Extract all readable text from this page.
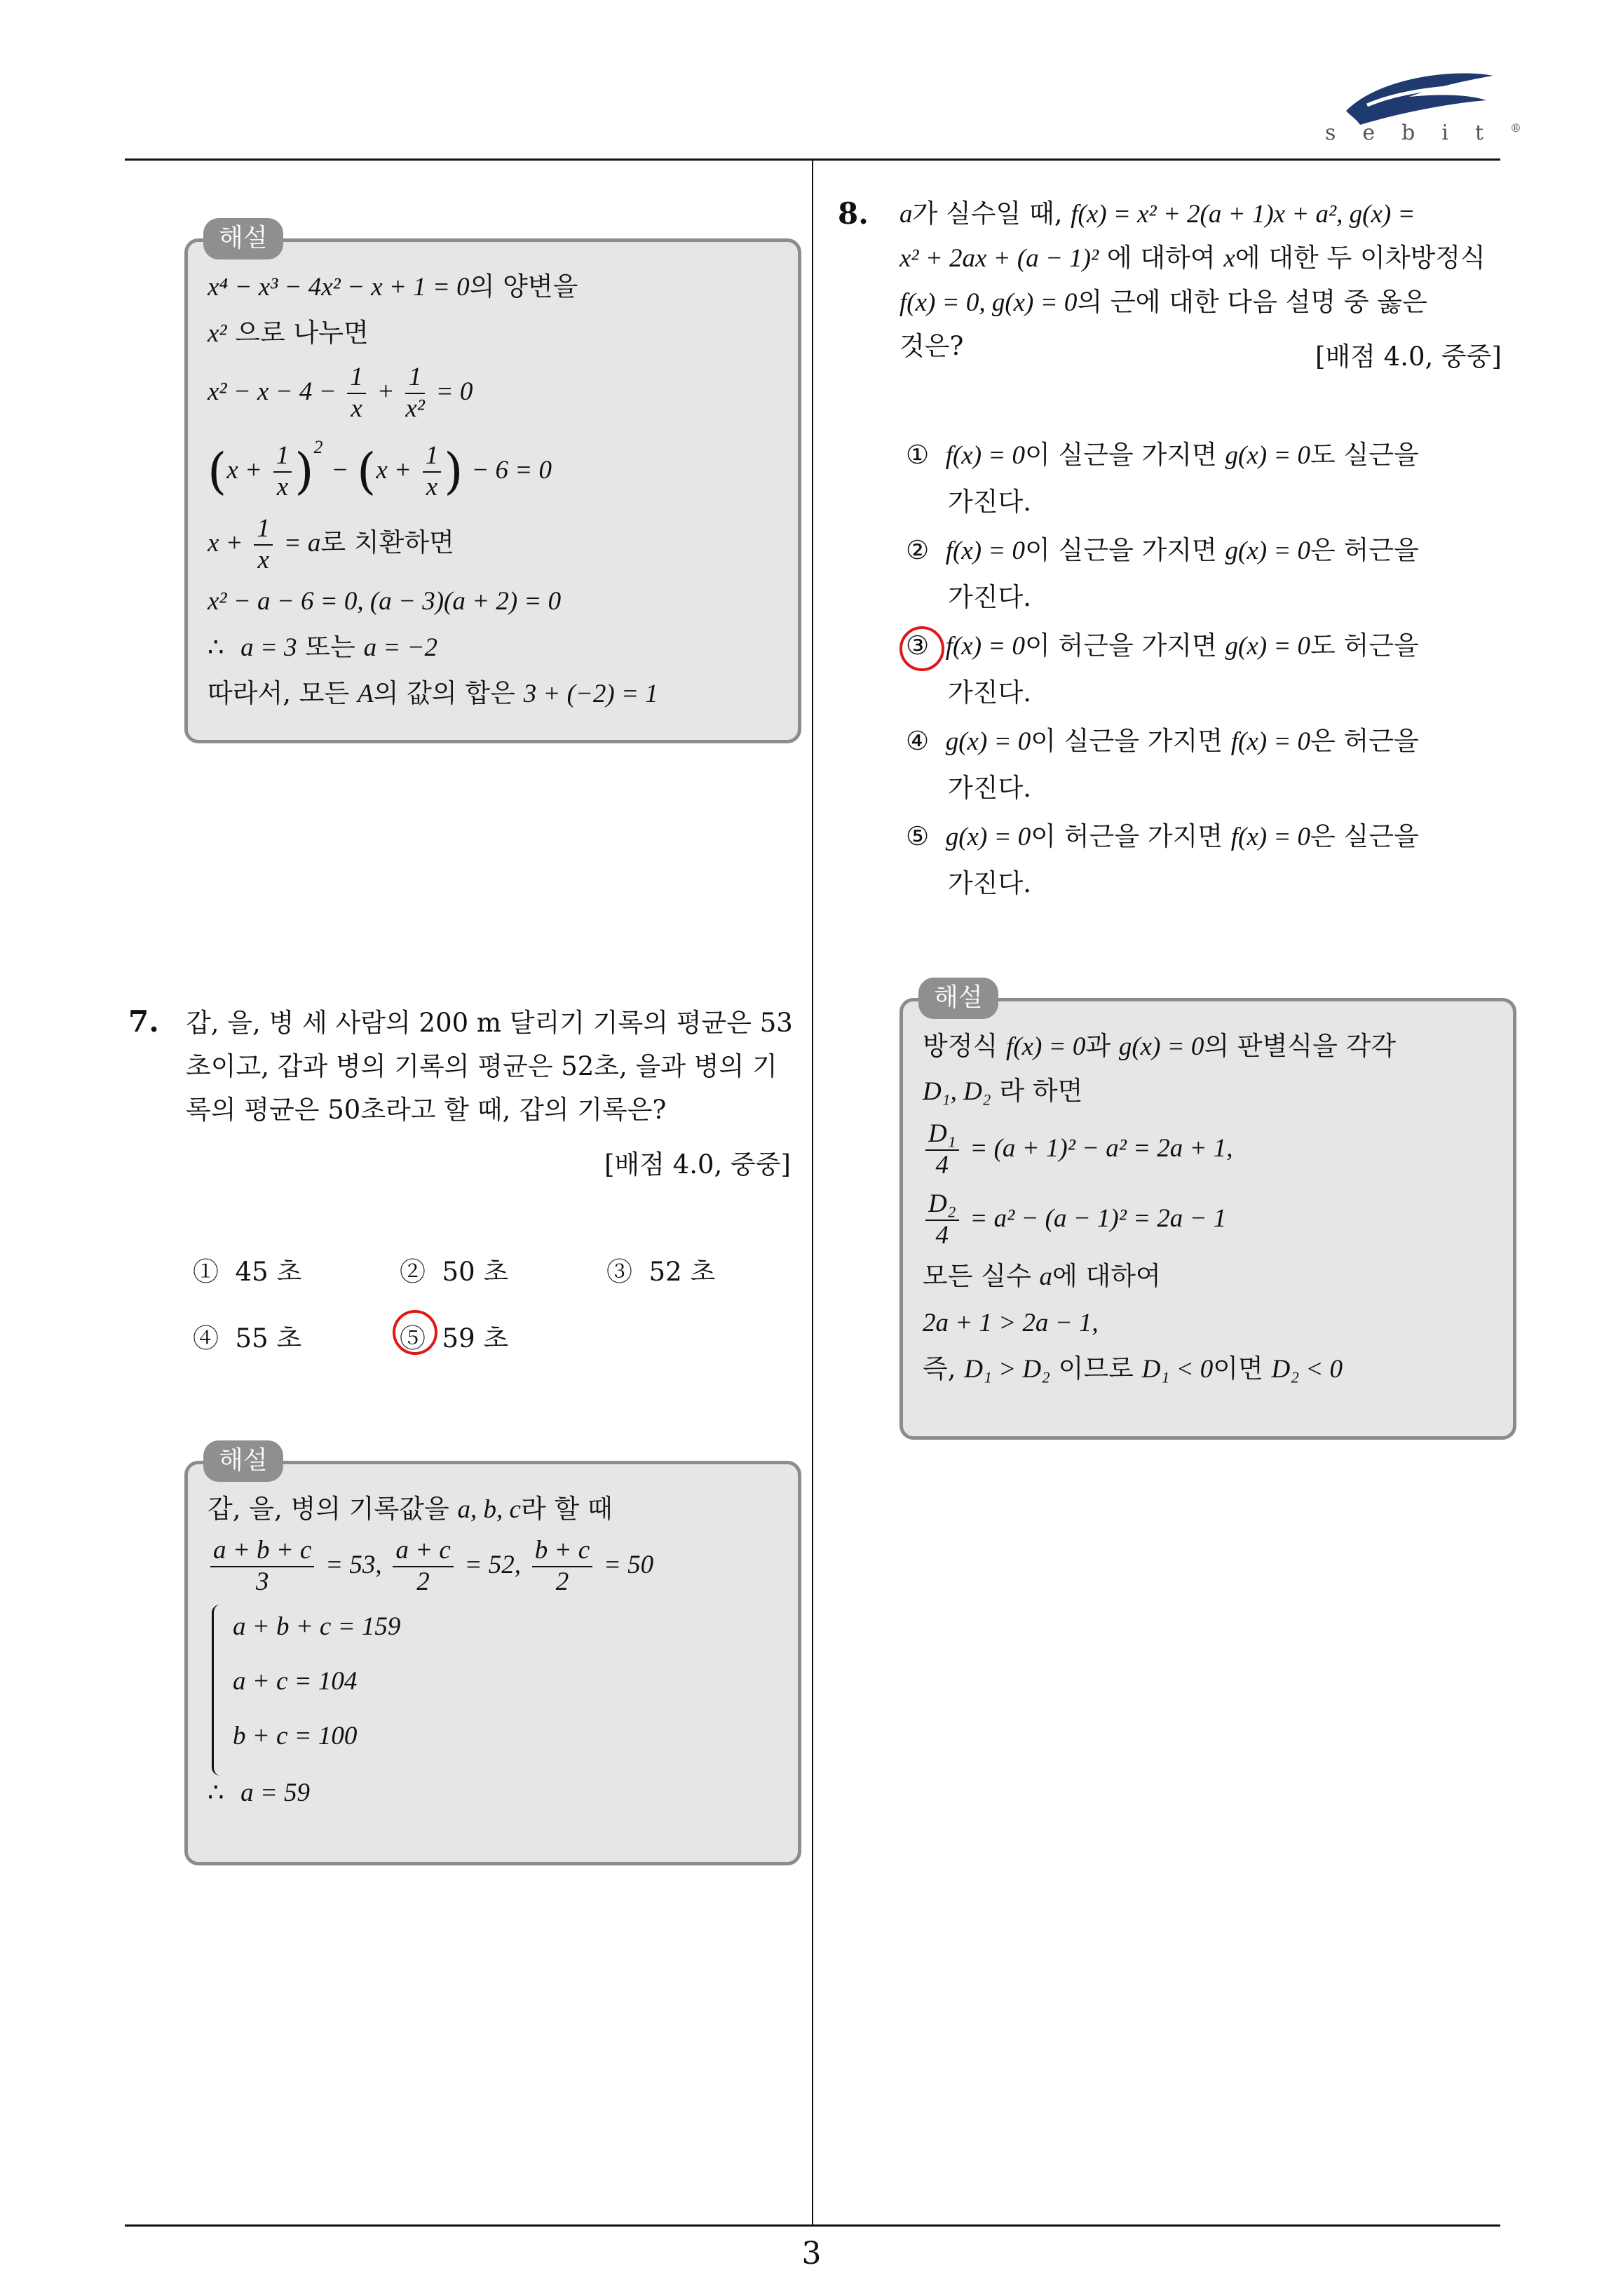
sebit®
해설
x⁴ − x³ − 4x² − x + 1 = 0의 양변을
x² 으로 나누면
$x^2 - x - 4 - \frac{1}{x} + \frac{1}{\text{x²}} = 0$
$(x + \frac{1}{x} )^2 - (x + \frac{1}{x}$ ) − 6 = 0
$x + \frac{1}{x} = a$로 치환하면
x² − a − 6 = 0, (a − 3)(a + 2) = 0
∴ a = 3 또는 a = −2
따라서, 모든 A의 값의 합은 3 + (−2) = 1
7. 갑, 을, 병 세 사람의 200 m 달리기 기록의 평균은 53
초이고, 갑과 병의 기록의 평균은 52초, 을과 병의 기
록의 평균은 50초라고 할 때, 갑의 기록은?
[배점 4.0, 중중]
① 45 초	② 50 초	③ 52 초
④ 55 초	⑤ 59 초
해설
갑, 을, 병의 기록값을 a, b, c라 할 때
$\frac{a + b + c}{3} = 53$, $\frac{a + c}{2} = 52$, $\frac{b + c}{2} = 50$
a + b + c = 159
a + c = 104
b + c = 100
∴ a = 59
8. a가 실수일 때, f(x) = x² + 2(a + 1)x + a², g(x) =
x² + 2ax + (a − 1)² 에 대하여 x에 대한 두 이차방정식
f(x) = 0, g(x) = 0의 근에 대한 다음 설명 중 옳은
것은?	[배점 4.0, 중중]
① f(x) = 0이 실근을 가지면 g(x) = 0도 실근을
가진다.
② f(x) = 0이 실근을 가지면 g(x) = 0은 허근을
가진다.
③ f(x) = 0이 허근을 가지면 g(x) = 0도 허근을
가진다.
④ g(x) = 0이 실근을 가지면 f(x) = 0은 허근을
가진다.
⑤ g(x) = 0이 허근을 가지면 f(x) = 0은 실근을
가진다.
해설
방정식 f(x) = 0과 g(x) = 0의 판별식을 각각
D₁, D₂ 라 하면
$\frac{\text{D₁}}{4} = (a + 1)^2 - a^2 = 2a + 1$,
$\frac{\text{D₂}}{4} = a^2 - (a - 1)^2 = 2a - 1$
모든 실수 a에 대하여
2a + 1 > 2a − 1,
즉, D₁ > D₂ 이므로 D₁ < 0이면 D₂ < 0
3
